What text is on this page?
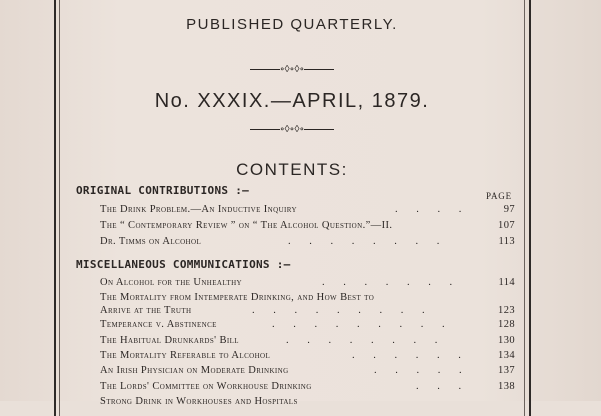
PUBLISHED QUARTERLY.
∘◊∘◊∘
No. XXXIX.—APRIL, 1879.
∘◊∘◊∘
CONTENTS:
ORIGINAL CONTRIBUTIONS :—	PAGE
The Drink Problem.—An Inductive Inquiry	. . . .	97
The “ Contemporary Review ” on “ The Alcohol Question.”—II.	107
Dr. Timms on Alcohol	. . . . . . . .	113
MISCELLANEOUS COMMUNICATIONS :—
On Alcohol for the Unhealthy	. . . . . . .	114
The Mortality from Intemperate Drinking, and How Best to
Arrive at the Truth	. . . . . . . . .	123
Temperance v. Abstinence	. . . . . . . . .	128
The Habitual Drunkards' Bill	. . . . . . . .	130
The Mortality Referable to Alcohol	. . . . . .	134
An Irish Physician on Moderate Drinking	. . . . .	137
The Lords' Committee on Workhouse Drinking	. . .	138
Strong Drink in Workhouses and Hospitals
